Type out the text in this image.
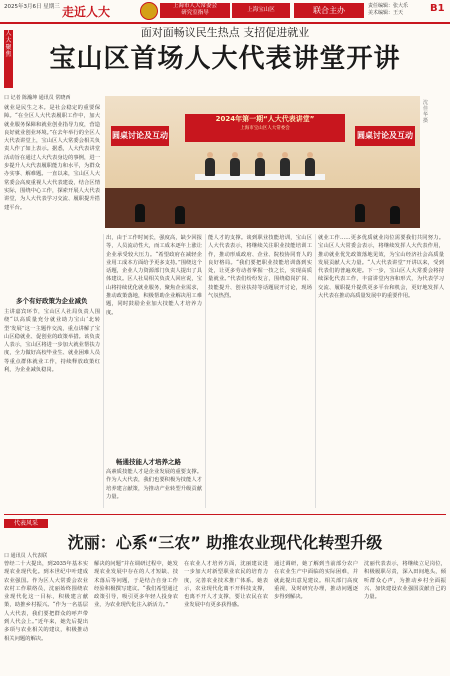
2025年3月6日 星期三 走近人大	上海市人大常委会
研究室指导	上海宝山区	联合主办	责任编辑：张大乐
美术编辑：王天	B1
人大聚焦
面对面畅议民生热点 支招促进就业
宝山区首场人大代表讲堂开讲
口 记者 陈瀚坤 通讯员 常晓西
2024年第一期“人大代表讲堂”
上海市宝山区人大常委会
圆桌讨论及互动	圆桌讨论及互动
沈佳华 摄
就业是民生之本。是社会稳定的重要保障。“在全区人大代表履职工作中，加大就业服务保障和就业创业指导力度，营造良好就业创业环境。”在去年举行的全区人大代表讲堂上，宝山区人大常委会相关负责人作了如上表示。据悉，人大代表讲堂活动旨在通过人大代表身边的事例，进一步提升人大代表履职能力和水平，为群众办实事、解难题。一直以来，宝山区人大常委会高度重视人大代表建设，结合区情实际，围绕中心工作，探索开展人大代表讲堂，为人大代表学习交流、履职提升搭建平台。
多个有好政策为企业减负
主讲嘉宾环节，宝山区人社局负责人围绕“以高质量充分就业助力宝山‘北转型’发展”这一主题作交流，重点讲解了宝山区稳就业、促创业的政策举措。该负责人表示，宝山区将进一步加大就业帮扶力度，全力做好高校毕业生、就业困难人员等重点群体就业工作，持续释放政策红利，为企业减负稳岗。
出，由于工作时间长，强度高，缺少回报等，人员流动性大，而工成本逐年上涨让企业承受较大压力。“希望政府在减轻企业用工成本方面给予更多支持。”围绕这个话题，企业人力资源部门负责人提出了具体建议。区人社局相关负责人回应说，宝山将持续优化就业服务，聚焦企业需求，推动政策落地，积极帮助企业解决用工难题，同时鼓励企业加大技能人才培养力度。
畅通技能人才培养之路
高素质技能人才是企业发展的重要支撑。作为人大代表，我们也要积极为技能人才培养建言献策，为推动产业转型升级贡献力量。
能人才的支撑。谈到职业技能培训，宝山区人大代表表示，将继续关注职业技能培训工作，推动形成政府、企业、院校协同育人的良好格局。“我们要把职业技能培训落到实处，让更多劳动者掌握一技之长，实现高质量就业。”代表们纷纷发言，围绕稳岗扩岗、技能提升、创业扶持等话题展开讨论，现场气氛热烈。
就业工作……更多优质就业岗位需要我们共同努力。宝山区人大常委会表示，将继续发挥人大代表作用，推动就业优先政策落地见效，为宝山经济社会高质量发展贡献人大力量。“人大代表讲堂”开讲以来，受到代表们的普遍欢迎。下一步，宝山区人大常委会将持续深化代表工作，丰富讲堂内容和形式，为代表学习交流、履职提升提供更多平台和机会，更好地发挥人大代表在推动高质量发展中的重要作用。
代表风采
沈丽：心系“三农” 助推农业现代化转型升级
口 通讯员 人代表联
曾经二十大提出，到2035年基本实现农业现代化。到本世纪中叶建成农业强国。作为区人大常委会农业农村工作联络员，沈丽始终围绕农业现代化这一目标，积极建言献策，助推乡村振兴。“作为一名基层人大代表，我们要把群众的呼声带到人代会上。”近年来，她先后提出多项与农业相关的建议，积极推动相关问题的解决。
解决的问题”并在调研过程中，她发现农业发展中存在的人才短缺、技术落后等问题，于是结合自身工作经验积极撰写建议。“我们希望通过政策引导，吸引更多年轻人投身农业，为农业现代化注入新活力。”
在农业人才培养方面，沈丽建议进一步加大对新型职业农民的培育力度，完善农业技术推广体系。她表示，农业现代化离不开科技支撑，也离不开人才支撑，要让农民在农业发展中有更多获得感。
通过调研，她了解到当前部分农户在农业生产中面临的实际困难，并就此提出意见建议。相关部门高度重视，及时研究办理，推动问题逐步得到解决。
沈丽代表表示，将继续立足岗位，积极履职尽责，深入田间地头，倾听群众心声，为推动乡村全面振兴、加快建设农业强国贡献自己的力量。
